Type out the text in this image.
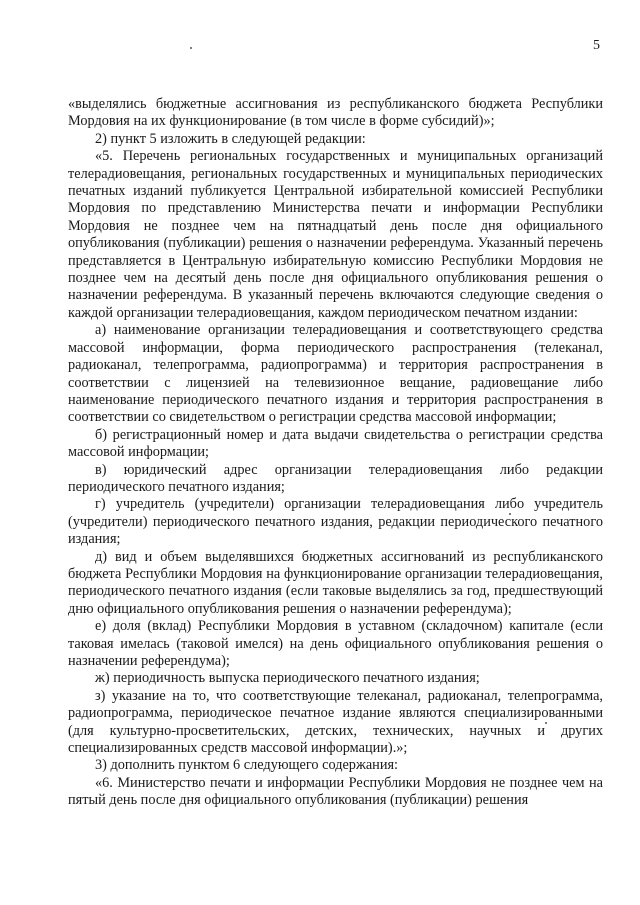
5

«выделялись бюджетные ассигнования из республиканского бюджета Республики Мордовия на их функционирование (в том числе в форме субсидий)»;

2) пункт 5 изложить в следующей редакции:

«5. Перечень региональных государственных и муниципальных организаций телерадиовещания, региональных государственных и муниципальных периодических печатных изданий публикуется Центральной избирательной комиссией Республики Мордовия по представлению Министерства печати и информации Республики Мордовия не позднее чем на пятнадцатый день после дня официального опубликования (публикации) решения о назначении референдума. Указанный перечень представляется в Центральную избирательную комиссию Республики Мордовия не позднее чем на десятый день после дня официального опубликования решения о назначении референдума. В указанный перечень включаются следующие сведения о каждой организации телерадиовещания, каждом периодическом печатном издании:

а) наименование организации телерадиовещания и соответствующего средства массовой информации, форма периодического распространения (телеканал, радиоканал, телепрограмма, радиопрограмма) и территория распространения в соответствии с лицензией на телевизионное вещание, радиовещание либо наименование периодического печатного издания и территория распространения в соответствии со свидетельством о регистрации средства массовой информации;

б) регистрационный номер и дата выдачи свидетельства о регистрации средства массовой информации;

в) юридический адрес организации телерадиовещания либо редакции периодического печатного издания;

г) учредитель (учредители) организации телерадиовещания либо учредитель (учредители) периодического печатного издания, редакции периодического печатного издания;

д) вид и объем выделявшихся бюджетных ассигнований из республиканского бюджета Республики Мордовия на функционирование организации телерадиовещания, периодического печатного издания (если таковые выделялись за год, предшествующий дню официального опубликования решения о назначении референдума);

е) доля (вклад) Республики Мордовия в уставном (складочном) капитале (если таковая имелась (таковой имелся) на день официального опубликования решения о назначении референдума);

ж) периодичность выпуска периодического печатного издания;

з) указание на то, что соответствующие телеканал, радиоканал, телепрограмма, радиопрограмма, периодическое печатное издание являются специализированными (для культурно-просветительских, детских, технических, научных и других специализированных средств массовой информации).»;

3) дополнить пунктом 6 следующего содержания:

«6. Министерство печати и информации Республики Мордовия не позднее чем на пятый день после дня официального опубликования (публикации) решения
